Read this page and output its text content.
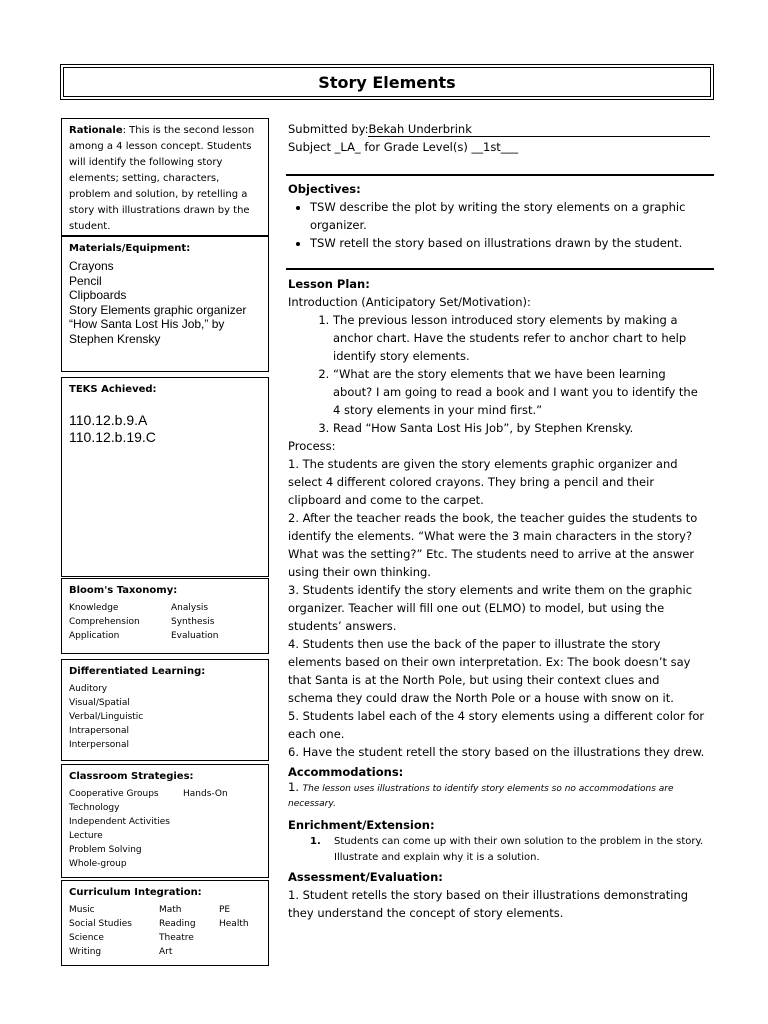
Story Elements
Rationale: This is the second lesson among a 4 lesson concept. Students will identify the following story elements; setting, characters, problem and solution, by retelling a story with illustrations drawn by the student.
Materials/Equipment:
Crayons
Pencil
Clipboards
Story Elements graphic organizer
“How Santa Lost His Job,” by Stephen Krensky
TEKS Achieved:
110.12.b.9.A
110.12.b.19.C
Bloom's Taxonomy:
Knowledge	Analysis
Comprehension	Synthesis
Application	Evaluation
Differentiated Learning:
Auditory
Visual/Spatial
Verbal/Linguistic
Intrapersonal
Interpersonal
Classroom Strategies:
Cooperative Groups	Hands-On
Technology
Independent Activities
Lecture
Problem Solving
Whole-group
Curriculum Integration:
Music	Math	PE
Social Studies	Reading	Health
Science	Theatre
Writing	Art
Submitted by:Bekah Underbrink
Subject _LA_ for Grade Level(s) __1st___
Objectives:
• TSW describe the plot by writing the story elements on a graphic organizer.
• TSW retell the story based on illustrations drawn by the student.
Lesson Plan:
Introduction (Anticipatory Set/Motivation):
1. The previous lesson introduced story elements by making a anchor chart. Have the students refer to anchor chart to help identify story elements.
2. “What are the story elements that we have been learning about? I am going to read a book and I want you to identify the 4 story elements in your mind first.”
3. Read “How Santa Lost His Job”, by Stephen Krensky.
Process:
1. The students are given the story elements graphic organizer and select 4 different colored crayons. They bring a pencil and their clipboard and come to the carpet.
2. After the teacher reads the book, the teacher guides the students to identify the elements. “What were the 3 main characters in the story? What was the setting?” Etc. The students need to arrive at the answer using their own thinking.
3. Students identify the story elements and write them on the graphic organizer. Teacher will fill one out (ELMO) to model, but using the students’ answers.
4. Students then use the back of the paper to illustrate the story elements based on their own interpretation. Ex: The book doesn’t say that Santa is at the North Pole, but using their context clues and schema they could draw the North Pole or a house with snow on it.
5. Students label each of the 4 story elements using a different color for each one.
6. Have the student retell the story based on the illustrations they drew.
Accommodations:
1. The lesson uses illustrations to identify story elements so no accommodations are necessary.
Enrichment/Extension:
1.	Students can come up with their own solution to the problem in the story. Illustrate and explain why it is a solution.
Assessment/Evaluation:
1. Student retells the story based on their illustrations demonstrating they understand the concept of story elements.
